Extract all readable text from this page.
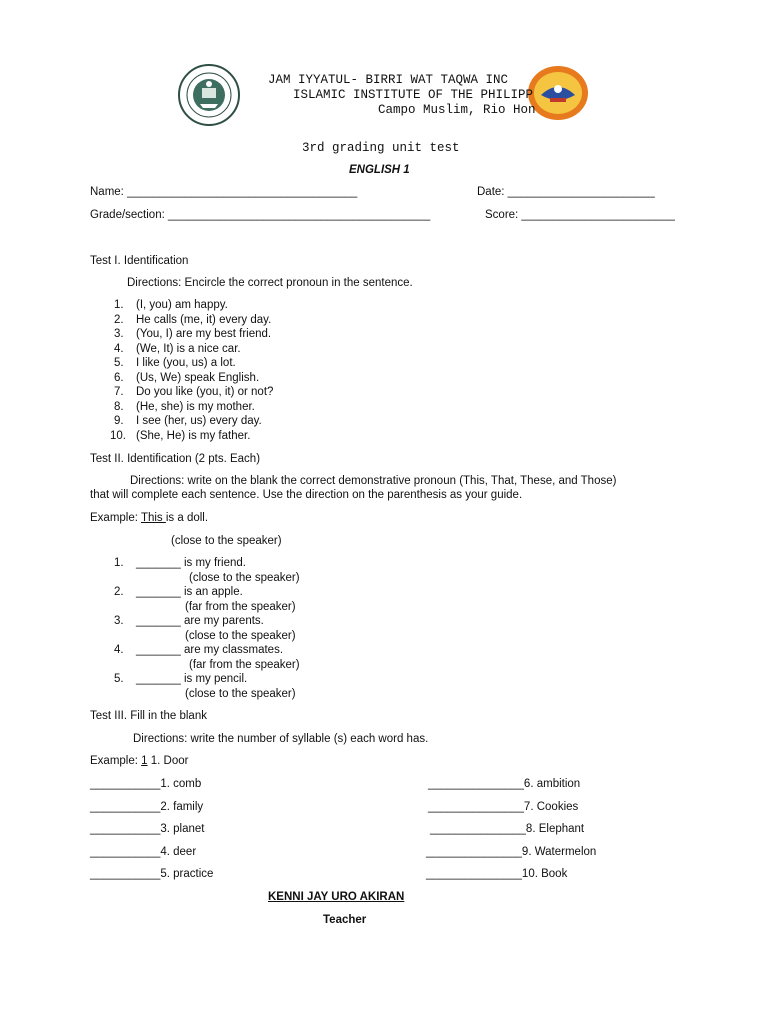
JAM IYYATUL- BIRRI WAT TAQWA INC
ISLAMIC INSTITUTE OF THE PHILIPP
Campo Muslim, Rio Hon
3rd grading unit test
ENGLISH 1
Name: ____________________________________	Date: _______________________
Grade/section: _________________________________________	Score: ________________________
Test I. Identification
Directions: Encircle the correct pronoun in the sentence.
1. (I, you) am happy.
2. He calls (me, it) every day.
3. (You, I) are my best friend.
4. (We, It) is a nice car.
5. I like (you, us) a lot.
6. (Us, We) speak English.
7. Do you like (you, it) or not?
8. (He, she) is my mother.
9. I see (her, us) every day.
10. (She, He) is my father.
Test II. Identification (2 pts. Each)
Directions: write on the blank the correct demonstrative pronoun (This, That, These, and Those)
that will complete each sentence. Use the direction on the parenthesis as your guide.
Example: This is a doll.
(close to the speaker)
1. _______ is my friend.
(close to the speaker)
2. _______ is an apple.
(far from the speaker)
3. _______ are my parents.
(close to the speaker)
4. _______ are my classmates.
(far from the speaker)
5. _______ is my pencil.
(close to the speaker)
Test III. Fill in the blank
Directions: write the number of syllable (s) each word has.
Example: 1 1. Door
___________1. comb
___________2. family
___________3. planet
___________4. deer
___________5. practice
_______________6. ambition
_______________7. Cookies
_______________8. Elephant
_______________9. Watermelon
_______________10. Book
KENNI JAY URO AKIRAN
Teacher
